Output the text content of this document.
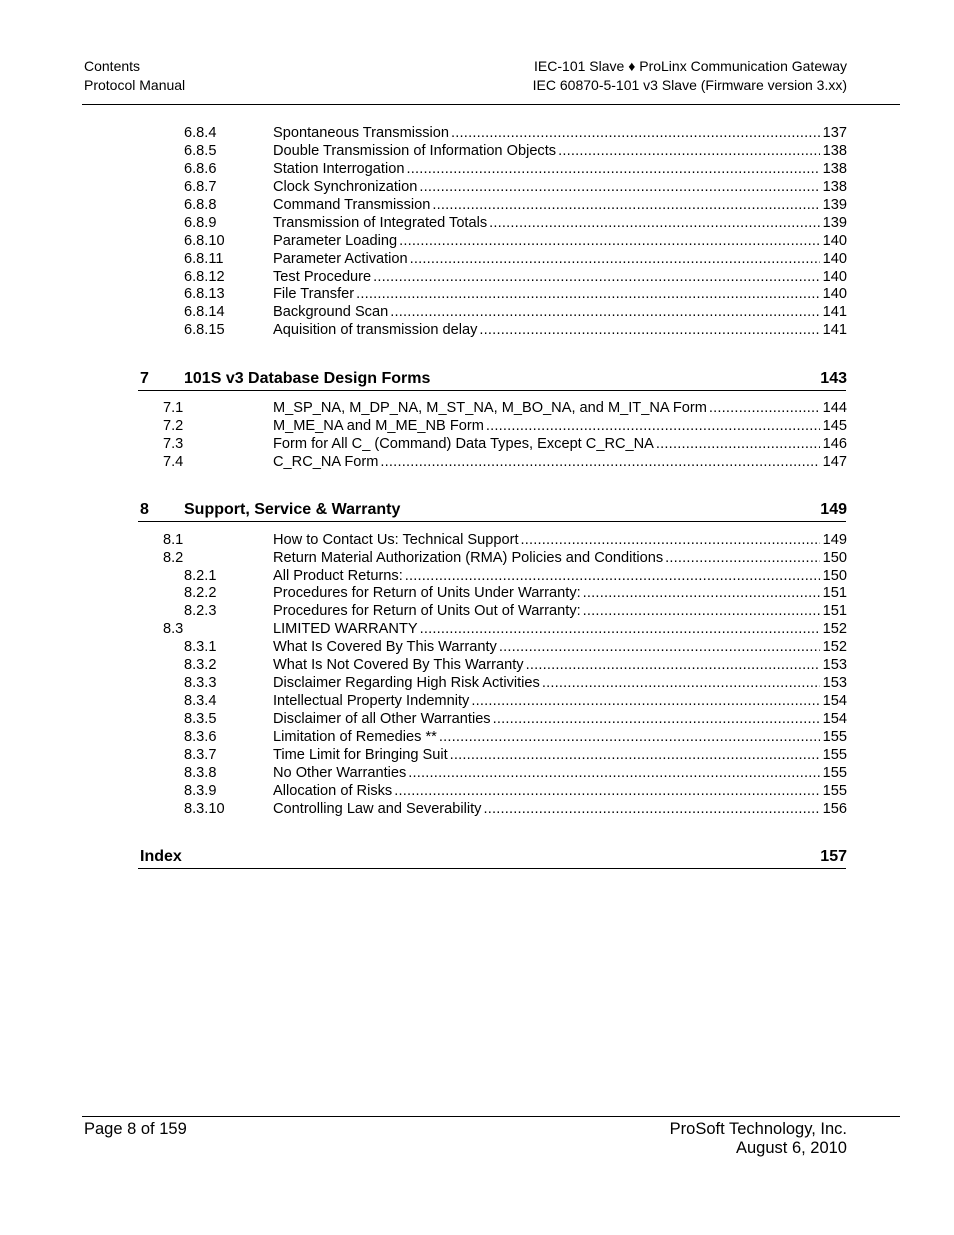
Contents
Protocol Manual
IEC-101 Slave ♦ ProLinx Communication Gateway
IEC 60870-5-101 v3 Slave (Firmware version 3.xx)
6.8.4	Spontaneous Transmission .....	137
6.8.5	Double Transmission of Information Objects .....	138
6.8.6	Station Interrogation .....	138
6.8.7	Clock Synchronization .....	138
6.8.8	Command Transmission .....	139
6.8.9	Transmission of Integrated Totals .....	139
6.8.10	Parameter Loading .....	140
6.8.11	Parameter Activation .....	140
6.8.12	Test Procedure .....	140
6.8.13	File Transfer .....	140
6.8.14	Background Scan .....	141
6.8.15	Aquisition of transmission delay .....	141
7 101S v3 Database Design Forms	143
7.1	M_SP_NA, M_DP_NA, M_ST_NA, M_BO_NA, and M_IT_NA Form .....	144
7.2	M_ME_NA and M_ME_NB Form .....	145
7.3	Form for All C_ (Command) Data Types, Except C_RC_NA .....	146
7.4	C_RC_NA Form .....	147
8 Support, Service & Warranty	149
8.1	How to Contact Us: Technical Support .....	149
8.2	Return Material Authorization (RMA) Policies and Conditions .....	150
8.2.1	All Product Returns: .....	150
8.2.2	Procedures for Return of Units Under Warranty: .....	151
8.2.3	Procedures for Return of Units Out of Warranty: .....	151
8.3	LIMITED WARRANTY .....	152
8.3.1	What Is Covered By This Warranty .....	152
8.3.2	What Is Not Covered By This Warranty .....	153
8.3.3	Disclaimer Regarding High Risk Activities .....	153
8.3.4	Intellectual Property Indemnity .....	154
8.3.5	Disclaimer of all Other Warranties .....	154
8.3.6	Limitation of Remedies ** .....	155
8.3.7	Time Limit for Bringing Suit .....	155
8.3.8	No Other Warranties .....	155
8.3.9	Allocation of Risks .....	155
8.3.10	Controlling Law and Severability .....	156
Index	157
Page 8 of 159	ProSoft Technology, Inc.
August 6, 2010
